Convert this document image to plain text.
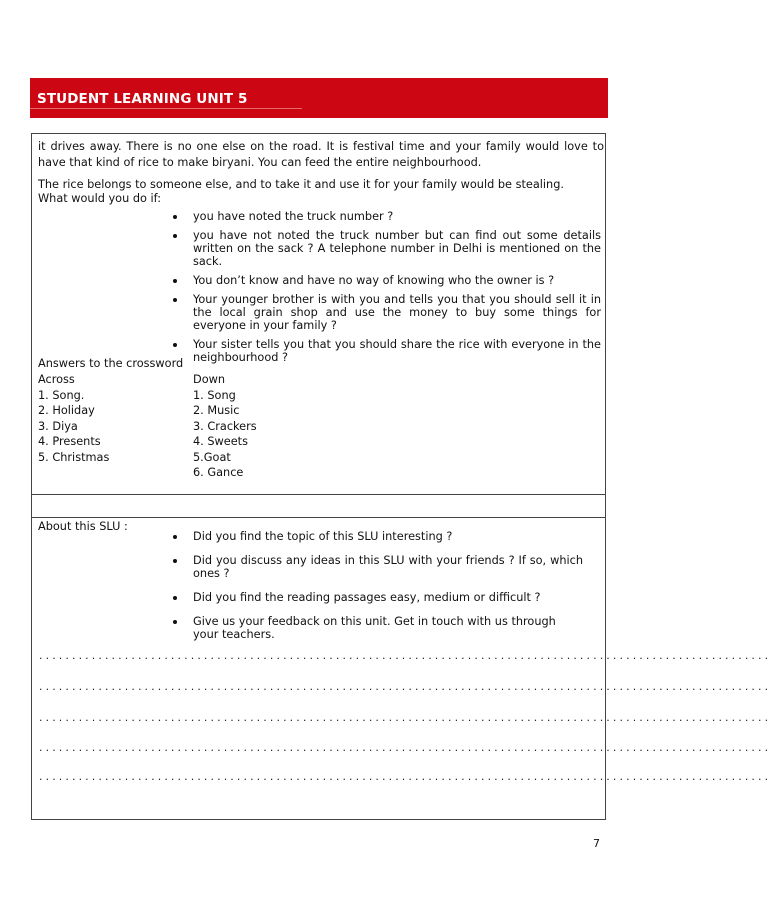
STUDENT LEARNING UNIT 5
it drives away. There is no one else on the road. It is festival time and your family would love to have that kind of rice to make biryani. You can feed the entire neighbourhood.
The rice belongs to someone else, and to take it and use it for your family would be stealing.
What would you do if:
you have noted the truck number ?
you have not noted the truck number but can find out some details written on the sack ? A telephone number in Delhi is mentioned on the sack.
You don’t know and have no way of knowing who the owner is ?
Your younger brother is with you and tells you that you should sell it in the local grain shop and use the money to buy some things for everyone in your family ?
Your sister tells you that you should share the rice with everyone in the neighbourhood ?
Answers to the crossword
Across
1. Song.
2. Holiday
3. Diya
4. Presents
5. Christmas
Down
1. Song
2. Music
3. Crackers
4. Sweets
5.Goat
6. Gance
About this SLU :
Did you find the topic of this SLU interesting ?
Did you discuss any ideas in this SLU with your friends ? If so, which ones ?
Did you find the reading passages easy, medium or difficult ?
Give us your feedback on this unit. Get in touch with us through your teachers.
...............................................................................................................
...............................................................................................................
...............................................................................................................
...............................................................................................................
...............................................................................................................
7
